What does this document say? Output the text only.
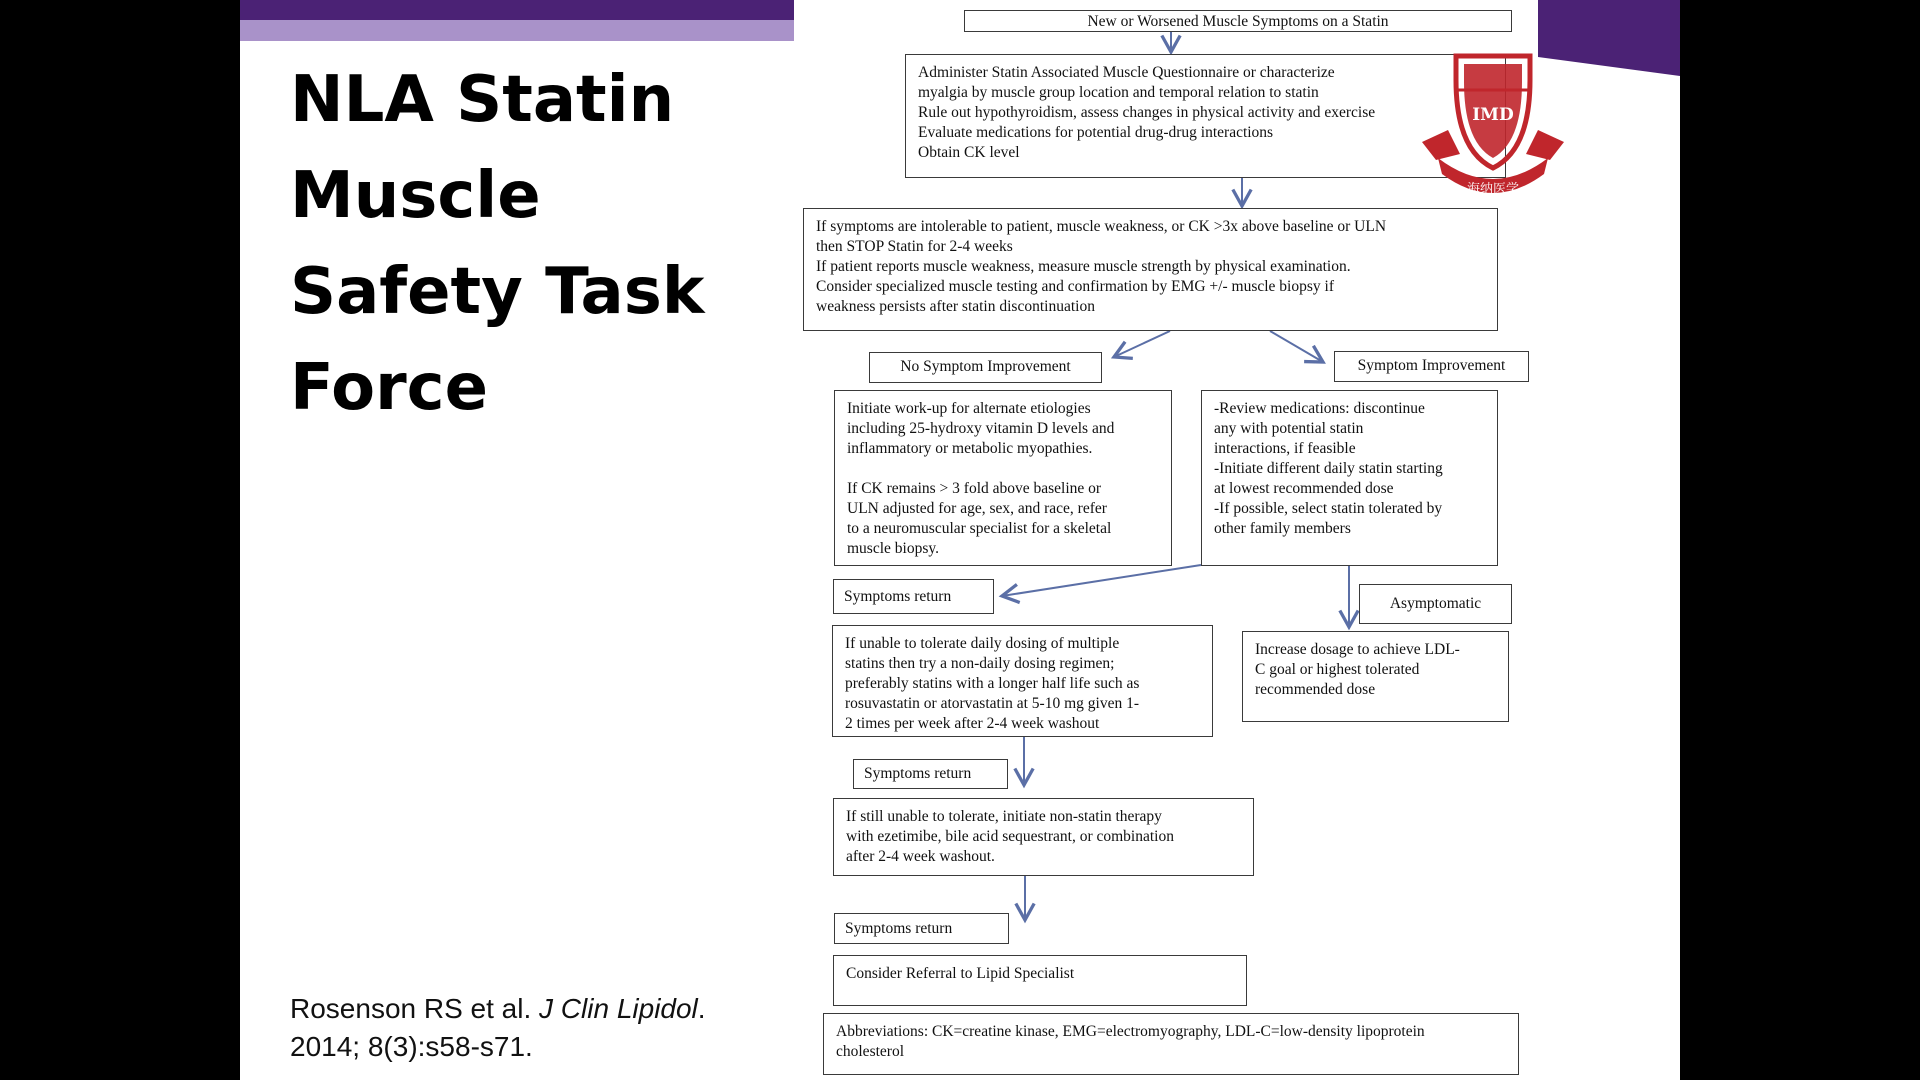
NLA Statin Muscle Safety Task Force
Rosenson RS et al. J Clin Lipidol.
2014; 8(3):s58-s71.
New or Worsened Muscle Symptoms on a Statin
Administer Statin Associated Muscle Questionnaire or characterize
myalgia by muscle group location and temporal relation to statin
Rule out hypothyroidism, assess changes in physical activity and exercise
Evaluate medications for potential drug-drug interactions
Obtain CK level
If symptoms are intolerable to patient, muscle weakness, or CK >3x above baseline or ULN
then STOP Statin for 2-4 weeks
If patient reports muscle weakness, measure muscle strength by physical examination.
Consider specialized muscle testing and confirmation by EMG +/- muscle biopsy if
weakness persists after statin discontinuation
No Symptom Improvement	Symptom Improvement
Initiate work-up for alternate etiologies
including 25-hydroxy vitamin D levels and
inflammatory or metabolic myopathies.

If CK remains > 3 fold above baseline or
ULN adjusted for age, sex, and race, refer
to a neuromuscular specialist for a skeletal
muscle biopsy.
-Review medications: discontinue
any with potential statin
interactions, if feasible
-Initiate different daily statin starting
at lowest recommended dose
-If possible, select statin tolerated by
other family members
Symptoms return	Asymptomatic
If unable to tolerate daily dosing of multiple
statins then try a non-daily dosing regimen;
preferably statins with a longer half life such as
rosuvastatin or atorvastatin at 5-10 mg given 1-
2 times per week after 2-4 week washout
Increase dosage to achieve LDL-
C goal or highest tolerated
recommended dose
Symptoms return
If still unable to tolerate, initiate non-statin therapy
with ezetimibe, bile acid sequestrant, or combination
after 2-4 week washout.
Symptoms return
Consider Referral to Lipid Specialist
Abbreviations: CK=creatine kinase, EMG=electromyography, LDL-C=low-density lipoprotein
cholesterol
IMD
海纳医学
